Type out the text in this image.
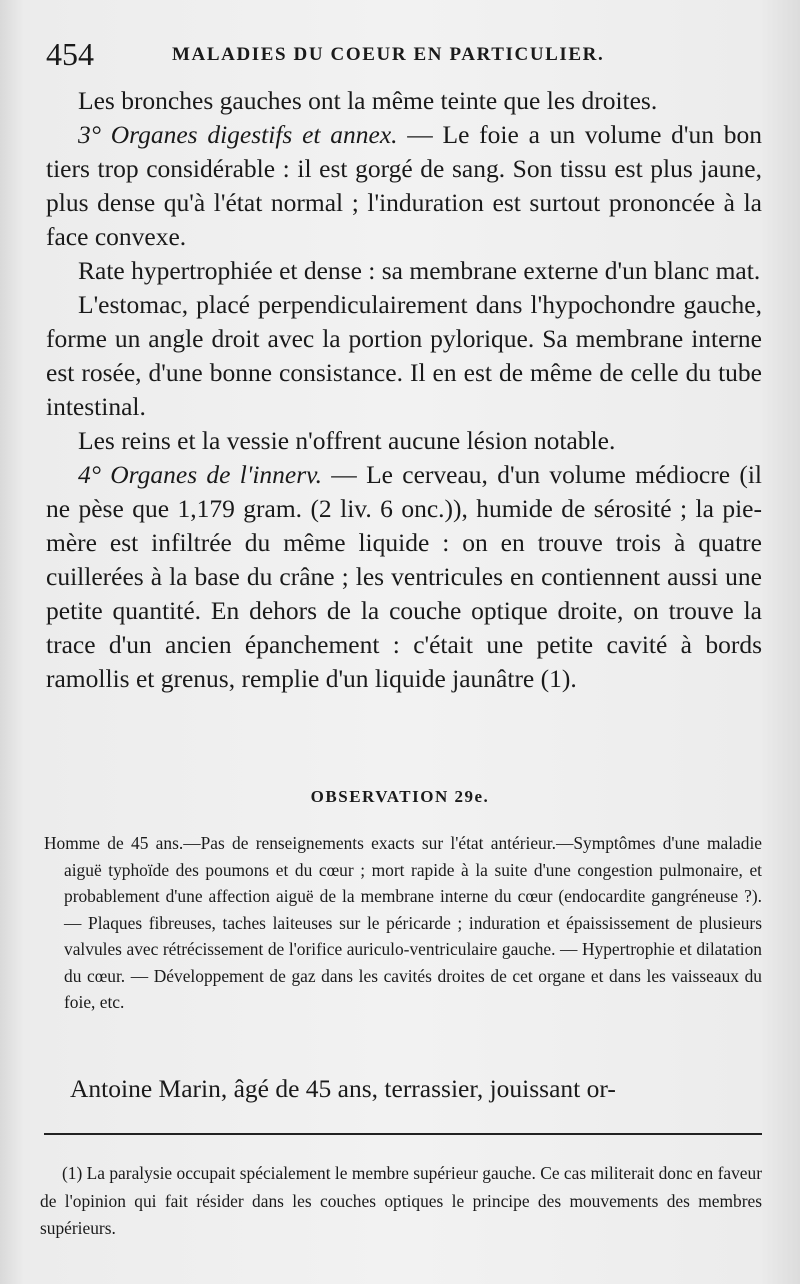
454	MALADIES DU COEUR EN PARTICULIER.

Les bronches gauches ont la même teinte que les droites.

3° Organes digestifs et annex. — Le foie a un volume d'un bon tiers trop considérable : il est gorgé de sang. Son tissu est plus jaune, plus dense qu'à l'état normal ; l'induration est surtout prononcée à la face convexe.

Rate hypertrophiée et dense : sa membrane externe d'un blanc mat.

L'estomac, placé perpendiculairement dans l'hypochondre gauche, forme un angle droit avec la portion pylorique. Sa membrane interne est rosée, d'une bonne consistance. Il en est de même de celle du tube intestinal.

Les reins et la vessie n'offrent aucune lésion notable.

4° Organes de l'innerv. — Le cerveau, d'un volume médiocre (il ne pèse que 1,179 gram. (2 liv. 6 onc.)), humide de sérosité ; la pie-mère est infiltrée du même liquide : on en trouve trois à quatre cuillerées à la base du crâne ; les ventricules en contiennent aussi une petite quantité. En dehors de la couche optique droite, on trouve la trace d'un ancien épanchement : c'était une petite cavité à bords ramollis et grenus, remplie d'un liquide jaunâtre (1).

OBSERVATION 29e.

Homme de 45 ans.—Pas de renseignements exacts sur l'état antérieur.—Symptômes d'une maladie aiguë typhoïde des poumons et du cœur ; mort rapide à la suite d'une congestion pulmonaire, et probablement d'une affection aiguë de la membrane interne du cœur (endocardite gangréneuse ?). — Plaques fibreuses, taches laiteuses sur le péricarde ; induration et épaississement de plusieurs valvules avec rétrécissement de l'orifice auriculo-ventriculaire gauche. — Hypertrophie et dilatation du cœur. — Développement de gaz dans les cavités droites de cet organe et dans les vaisseaux du foie, etc.

Antoine Marin, âgé de 45 ans, terrassier, jouissant or-

(1) La paralysie occupait spécialement le membre supérieur gauche. Ce cas militerait donc en faveur de l'opinion qui fait résider dans les couches optiques le principe des mouvements des membres supérieurs.
